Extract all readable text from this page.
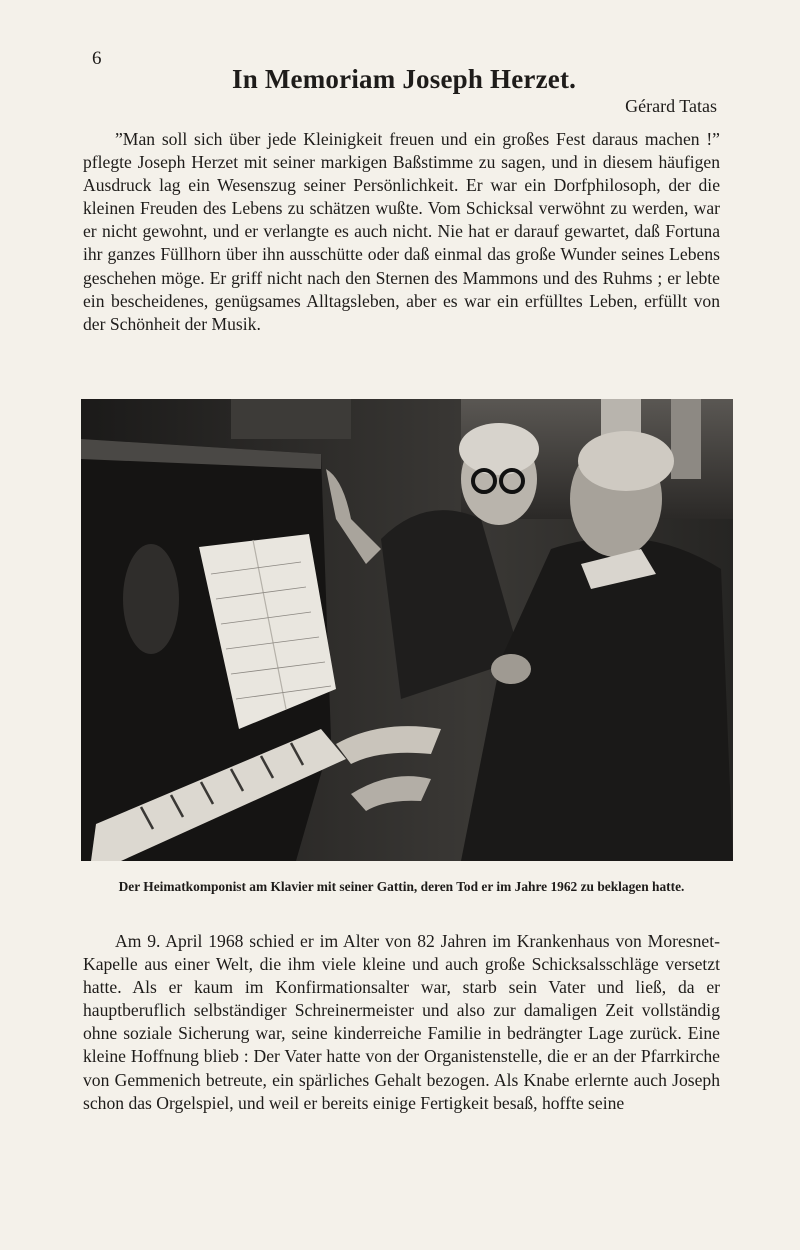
6
In Memoriam Joseph Herzet.
Gérard Tatas

”Man soll sich über jede Kleinigkeit freuen und ein großes Fest daraus machen !” pflegte Joseph Herzet mit seiner markigen Baßstimme zu sagen, und in diesem häufigen Ausdruck lag ein Wesenszug seiner Persönlichkeit. Er war ein Dorfphilosoph, der die kleinen Freuden des Lebens zu schätzen wußte. Vom Schicksal verwöhnt zu werden, war er nicht gewohnt, und er verlangte es auch nicht. Nie hat er darauf gewartet, daß Fortuna ihr ganzes Füllhorn über ihn ausschütte oder daß einmal das große Wunder seines Lebens geschehen möge. Er griff nicht nach den Sternen des Mammons und des Ruhms ; er lebte ein bescheidenes, genügsames Alltagsleben, aber es war ein erfülltes Leben, erfüllt von der Schönheit der Musik.

Der Heimatkomponist am Klavier mit seiner Gattin, deren Tod er im Jahre 1962 zu beklagen hatte.

Am 9. April 1968 schied er im Alter von 82 Jahren im Krankenhaus von Moresnet-Kapelle aus einer Welt, die ihm viele kleine und auch große Schicksalsschläge versetzt hatte. Als er kaum im Konfirmationsalter war, starb sein Vater und ließ, da er hauptberuflich selbständiger Schreinermeister und also zur damaligen Zeit vollständig ohne soziale Sicherung war, seine kinderreiche Familie in bedrängter Lage zurück. Eine kleine Hoffnung blieb : Der Vater hatte von der Organistenstelle, die er an der Pfarrkirche von Gemmenich betreute, ein spärliches Gehalt bezogen. Als Knabe erlernte auch Joseph schon das Orgelspiel, und weil er bereits einige Fertigkeit besaß, hoffte seine
